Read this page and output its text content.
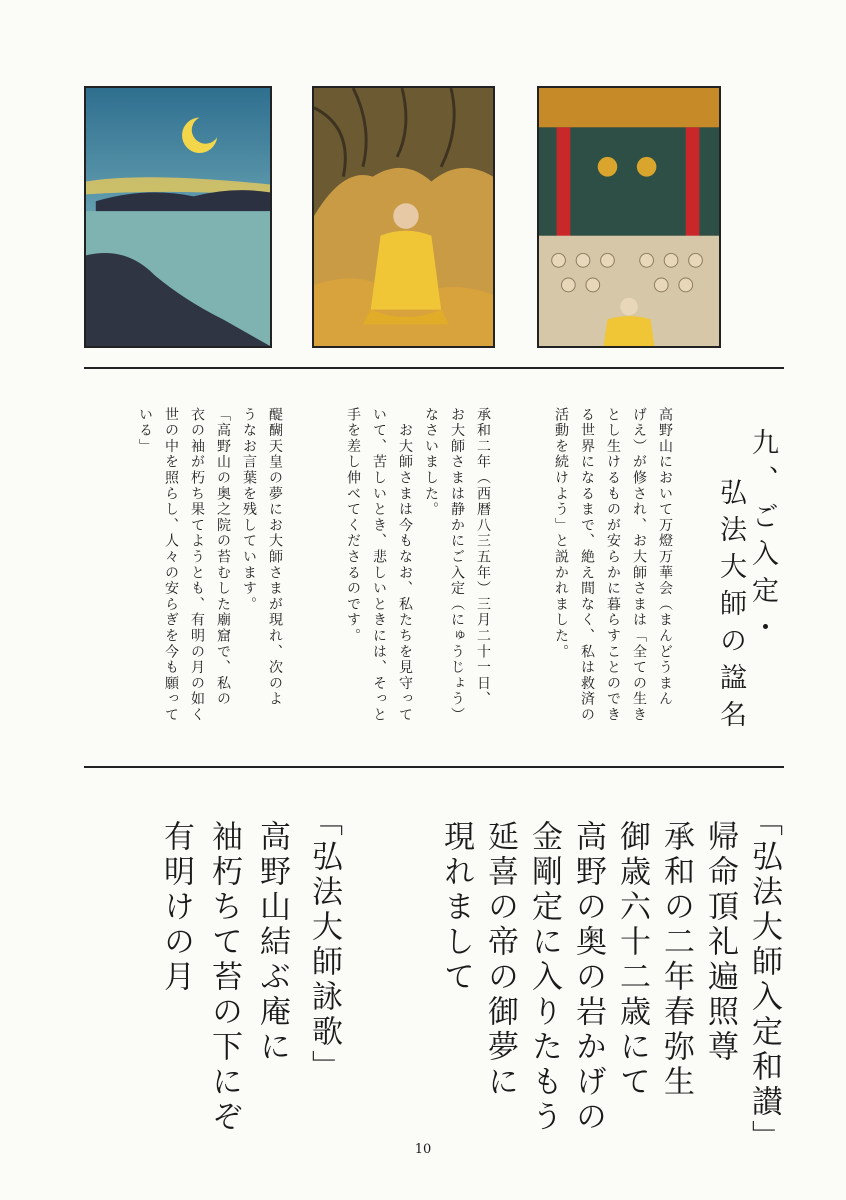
九、ご入定・
弘法大師の諡名
高野山において万燈万華会（まんどうまん
げえ）が修され、お大師さまは「全ての生き
とし生けるものが安らかに暮らすことのでき
る世界になるまで、絶え間なく、私は救済の
活動を続けよう」と説かれました。
承和二年（西暦八三五年）三月二十一日、
お大師さまは静かにご入定（にゅうじょう）
なさいました。
　お大師さまは今もなお、私たちを見守って
いて、苦しいとき、悲しいときには、そっと
手を差し伸べてくださるのです。
醍醐天皇の夢にお大師さまが現れ、次のよ
うなお言葉を残しています。
「高野山の奥之院の苔むした廟窟で、私の
衣の袖が朽ち果てようとも、有明の月の如く
世の中を照らし、人々の安らぎを今も願って
いる」
「弘法大師入定和讃」
帰命頂礼遍照尊
承和の二年春弥生
御歳六十二歳にて
高野の奥の岩かげの
金剛定に入りたもう
延喜の帝の御夢に
現れまして
「弘法大師詠歌」
高野山結ぶ庵に
袖朽ちて苔の下にぞ
有明けの月
10
